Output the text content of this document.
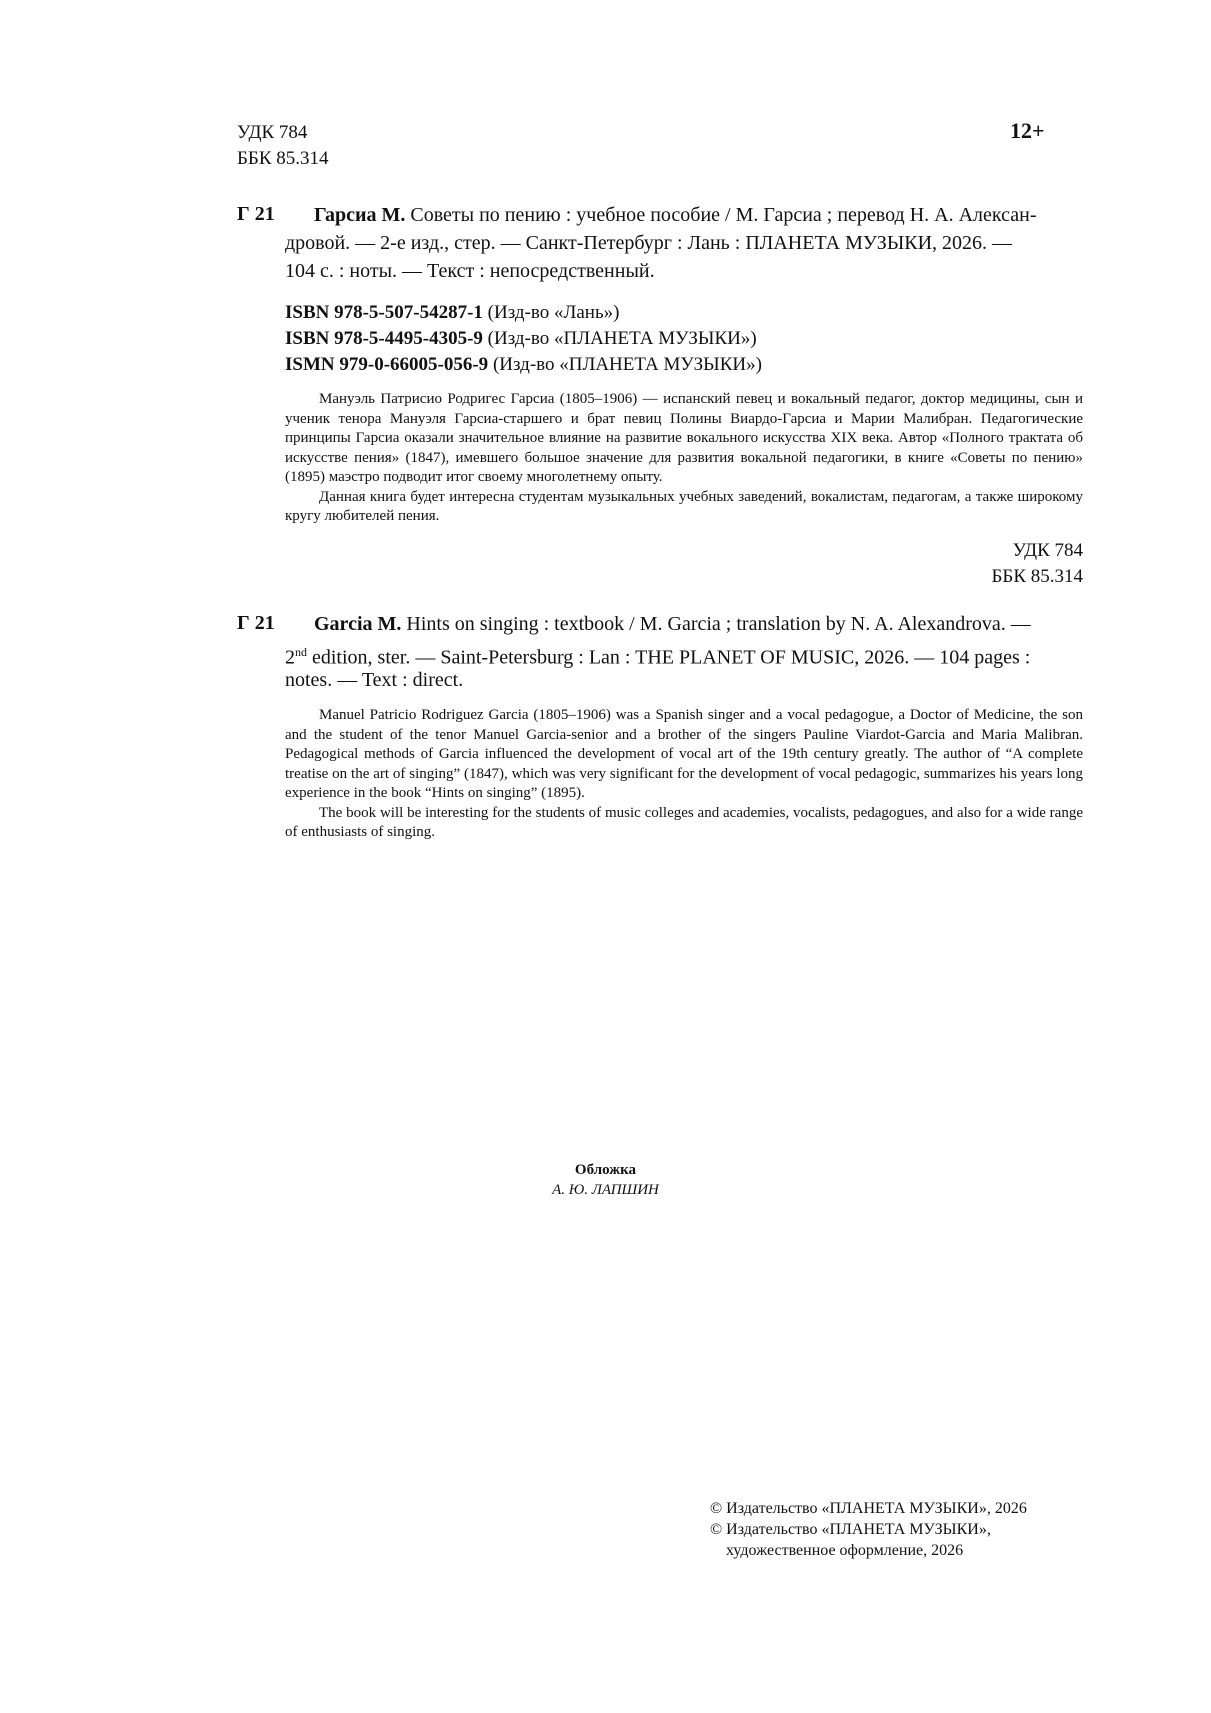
УДК 784
ББК 85.314
12+
Г 21 Гарсиа М. Советы по пению : учебное пособие / М. Гарсиа ; перевод Н. А. Алексан-
дровой. — 2-е изд., стер. — Санкт-Петербург : Лань : ПЛАНЕТА МУЗЫКИ, 2026. —
104 с. : ноты. — Текст : непосредственный.
ISBN 978-5-507-54287-1 (Изд-во «Лань»)
ISBN 978-5-4495-4305-9 (Изд-во «ПЛАНЕТА МУЗЫКИ»)
ISMN 979-0-66005-056-9 (Изд-во «ПЛАНЕТА МУЗЫКИ»)

Мануэль Патрисио Родригес Гарсиа (1805–1906) — испанский певец и вокальный педагог, доктор медицины, сын и ученик тенора Мануэля Гарсиа-старшего и брат певиц Полины Виардо-Гарсиа и Марии Малибран. Педагогические принципы Гарсиа оказали значительное влияние на развитие вокального искусства XIX века. Автор «Полного трактата об искусстве пения» (1847), имевшего большое значение для развития вокальной педагогики, в книге «Советы по пению» (1895) маэстро подводит итог своему многолетнему опыту.

Данная книга будет интересна студентам музыкальных учебных заведений, вокалистам, педагогам, а также широкому кругу любителей пения.

УДК 784
ББК 85.314
Г 21 Garcia M. Hints on singing : textbook / M. Garcia ; translation by N. A. Alexandrova. —
2nd edition, ster. — Saint-Petersburg : Lan : THE PLANET OF MUSIC, 2026. — 104 pages :
notes. — Text : direct.

Manuel Patricio Rodriguez Garcia (1805–1906) was a Spanish singer and a vocal pedagogue, a Doctor of Medicine, the son and the student of the tenor Manuel Garcia-senior and a brother of the singers Pauline Viardot-Garcia and Maria Malibran. Pedagogical methods of Garcia influenced the development of vocal art of the 19th century greatly. The author of “A complete treatise on the art of singing” (1847), which was very significant for the development of vocal pedagogic, summarizes his years long experience in the book “Hints on singing” (1895).

The book will be interesting for the students of music colleges and academies, vocalists, pedagogues, and also for a wide range of enthusiasts of singing.

Обложка
А. Ю. ЛАПШИН
© Издательство «ПЛАНЕТА МУЗЫКИ», 2026
© Издательство «ПЛАНЕТА МУЗЫКИ»,
художественное оформление, 2026
